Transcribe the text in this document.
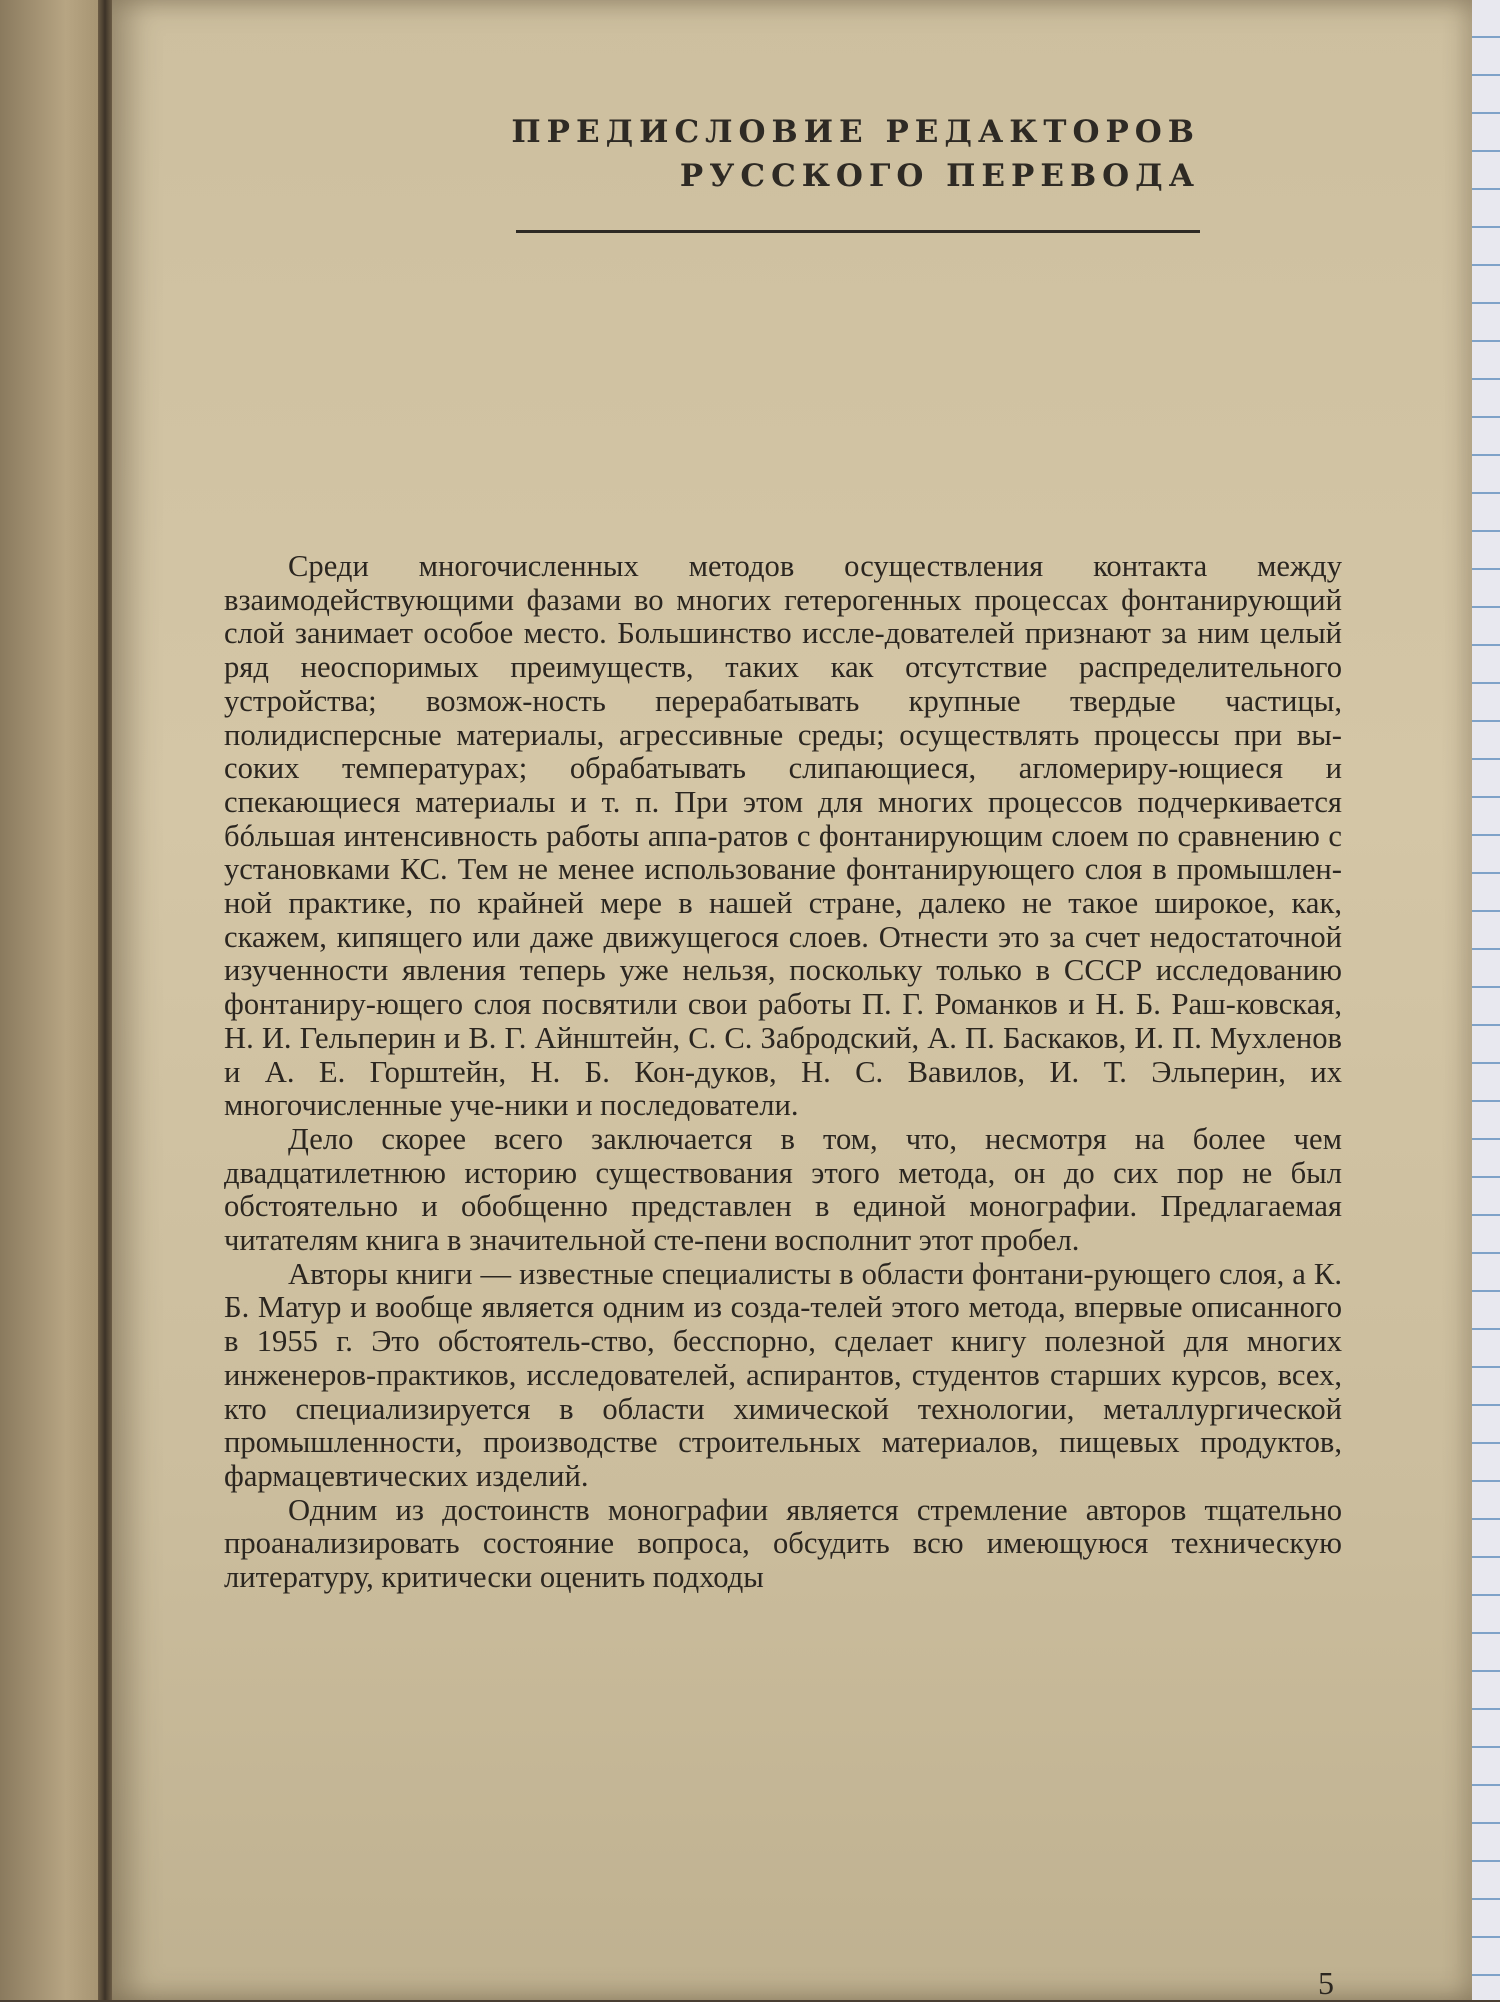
ПРЕДИСЛОВИЕ РЕДАКТОРОВ
РУССКОГО ПЕРЕВОДА

Среди многочисленных методов осуществления контакта между взаимодействующими фазами во многих гетерогенных процессах фонтанирующий слой занимает особое место. Большинство иссле-дователей признают за ним целый ряд неоспоримых преимуществ, таких как отсутствие распределительного устройства; возмож-ность перерабатывать крупные твердые частицы, полидисперсные материалы, агрессивные среды; осуществлять процессы при вы-соких температурах; обрабатывать слипающиеся, агломериру-ющиеся и спекающиеся материалы и т. п. При этом для многих процессов подчеркивается бóльшая интенсивность работы аппа-ратов с фонтанирующим слоем по сравнению с установками КС. Тем не менее использование фонтанирующего слоя в промышлен-ной практике, по крайней мере в нашей стране, далеко не такое широкое, как, скажем, кипящего или даже движущегося слоев. Отнести это за счет недостаточной изученности явления теперь уже нельзя, поскольку только в СССР исследованию фонтаниру-ющего слоя посвятили свои работы П. Г. Романков и Н. Б. Раш-ковская, Н. И. Гельперин и В. Г. Айнштейн, С. С. Забродский, А. П. Баскаков, И. П. Мухленов и А. Е. Горштейн, Н. Б. Кон-дуков, Н. С. Вавилов, И. Т. Эльперин, их многочисленные уче-ники и последователи.

Дело скорее всего заключается в том, что, несмотря на более чем двадцатилетнюю историю существования этого метода, он до сих пор не был обстоятельно и обобщенно представлен в единой монографии. Предлагаемая читателям книга в значительной сте-пени восполнит этот пробел.

Авторы книги — известные специалисты в области фонтани-рующего слоя, а К. Б. Матур и вообще является одним из созда-телей этого метода, впервые описанного в 1955 г. Это обстоятель-ство, бесспорно, сделает книгу полезной для многих инженеров-практиков, исследователей, аспирантов, студентов старших курсов, всех, кто специализируется в области химической технологии, металлургической промышленности, производстве строительных материалов, пищевых продуктов, фармацевтических изделий.

Одним из достоинств монографии является стремление авторов тщательно проанализировать состояние вопроса, обсудить всю имеющуюся техническую литературу, критически оценить подходы

5
